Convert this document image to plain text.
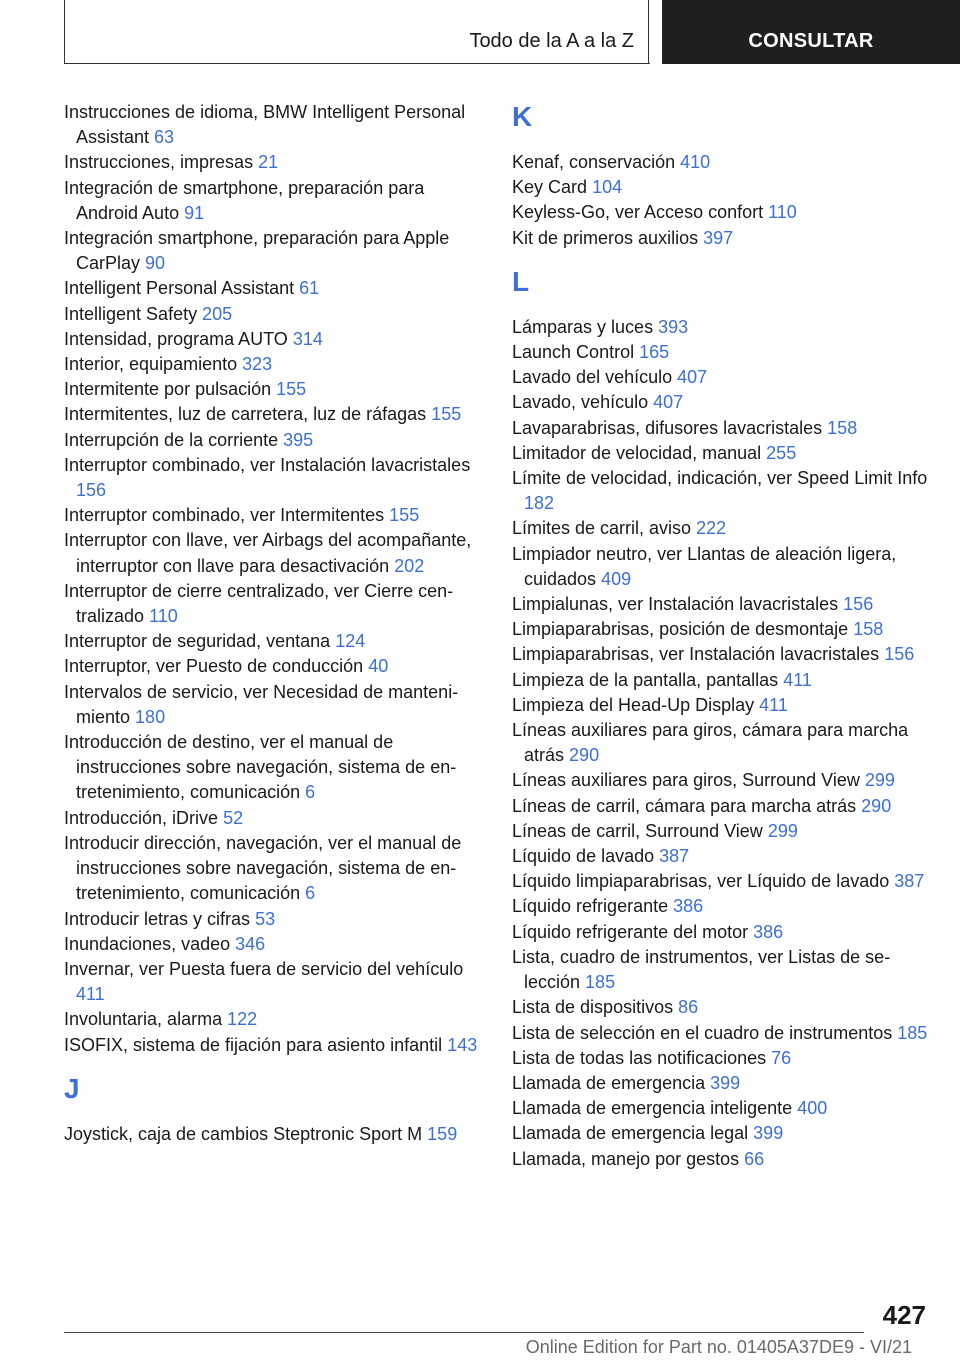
Todo de la A a la Z	CONSULTAR
Instrucciones de idioma, BMW Intelligent Personal Assistant 63
Instrucciones, impresas 21
Integración de smartphone, preparación para Android Auto 91
Integración smartphone, preparación para Apple CarPlay 90
Intelligent Personal Assistant 61
Intelligent Safety 205
Intensidad, programa AUTO 314
Interior, equipamiento 323
Intermitente por pulsación 155
Intermitentes, luz de carretera, luz de ráfagas 155
Interrupción de la corriente 395
Interruptor combinado, ver Instalación lavacristales 156
Interruptor combinado, ver Intermitentes 155
Interruptor con llave, ver Airbags del acompañante, interruptor con llave para desactivación 202
Interruptor de cierre centralizado, ver Cierre centralizado 110
Interruptor de seguridad, ventana 124
Interruptor, ver Puesto de conducción 40
Intervalos de servicio, ver Necesidad de mantenimiento 180
Introducción de destino, ver el manual de instrucciones sobre navegación, sistema de entretenimiento, comunicación 6
Introducción, iDrive 52
Introducir dirección, navegación, ver el manual de instrucciones sobre navegación, sistema de entretenimiento, comunicación 6
Introducir letras y cifras 53
Inundaciones, vadeo 346
Invernar, ver Puesta fuera de servicio del vehículo 411
Involuntaria, alarma 122
ISOFIX, sistema de fijación para asiento infantil 143
J
Joystick, caja de cambios Steptronic Sport M 159
K
Kenaf, conservación 410
Key Card 104
Keyless-Go, ver Acceso confort 110
Kit de primeros auxilios 397
L
Lámparas y luces 393
Launch Control 165
Lavado del vehículo 407
Lavado, vehículo 407
Lavaparabrisas, difusores lavacristales 158
Limitador de velocidad, manual 255
Límite de velocidad, indicación, ver Speed Limit Info 182
Límites de carril, aviso 222
Limpiador neutro, ver Llantas de aleación ligera, cuidados 409
Limpialunas, ver Instalación lavacristales 156
Limpiaparabrisas, posición de desmontaje 158
Limpiaparabrisas, ver Instalación lavacristales 156
Limpieza de la pantalla, pantallas 411
Limpieza del Head-Up Display 411
Líneas auxiliares para giros, cámara para marcha atrás 290
Líneas auxiliares para giros, Surround View 299
Líneas de carril, cámara para marcha atrás 290
Líneas de carril, Surround View 299
Líquido de lavado 387
Líquido limpiaparabrisas, ver Líquido de lavado 387
Líquido refrigerante 386
Líquido refrigerante del motor 386
Lista, cuadro de instrumentos, ver Listas de selección 185
Lista de dispositivos 86
Lista de selección en el cuadro de instrumentos 185
Lista de todas las notificaciones 76
Llamada de emergencia 399
Llamada de emergencia inteligente 400
Llamada de emergencia legal 399
Llamada, manejo por gestos 66
427
Online Edition for Part no. 01405A37DE9 - VI/21
